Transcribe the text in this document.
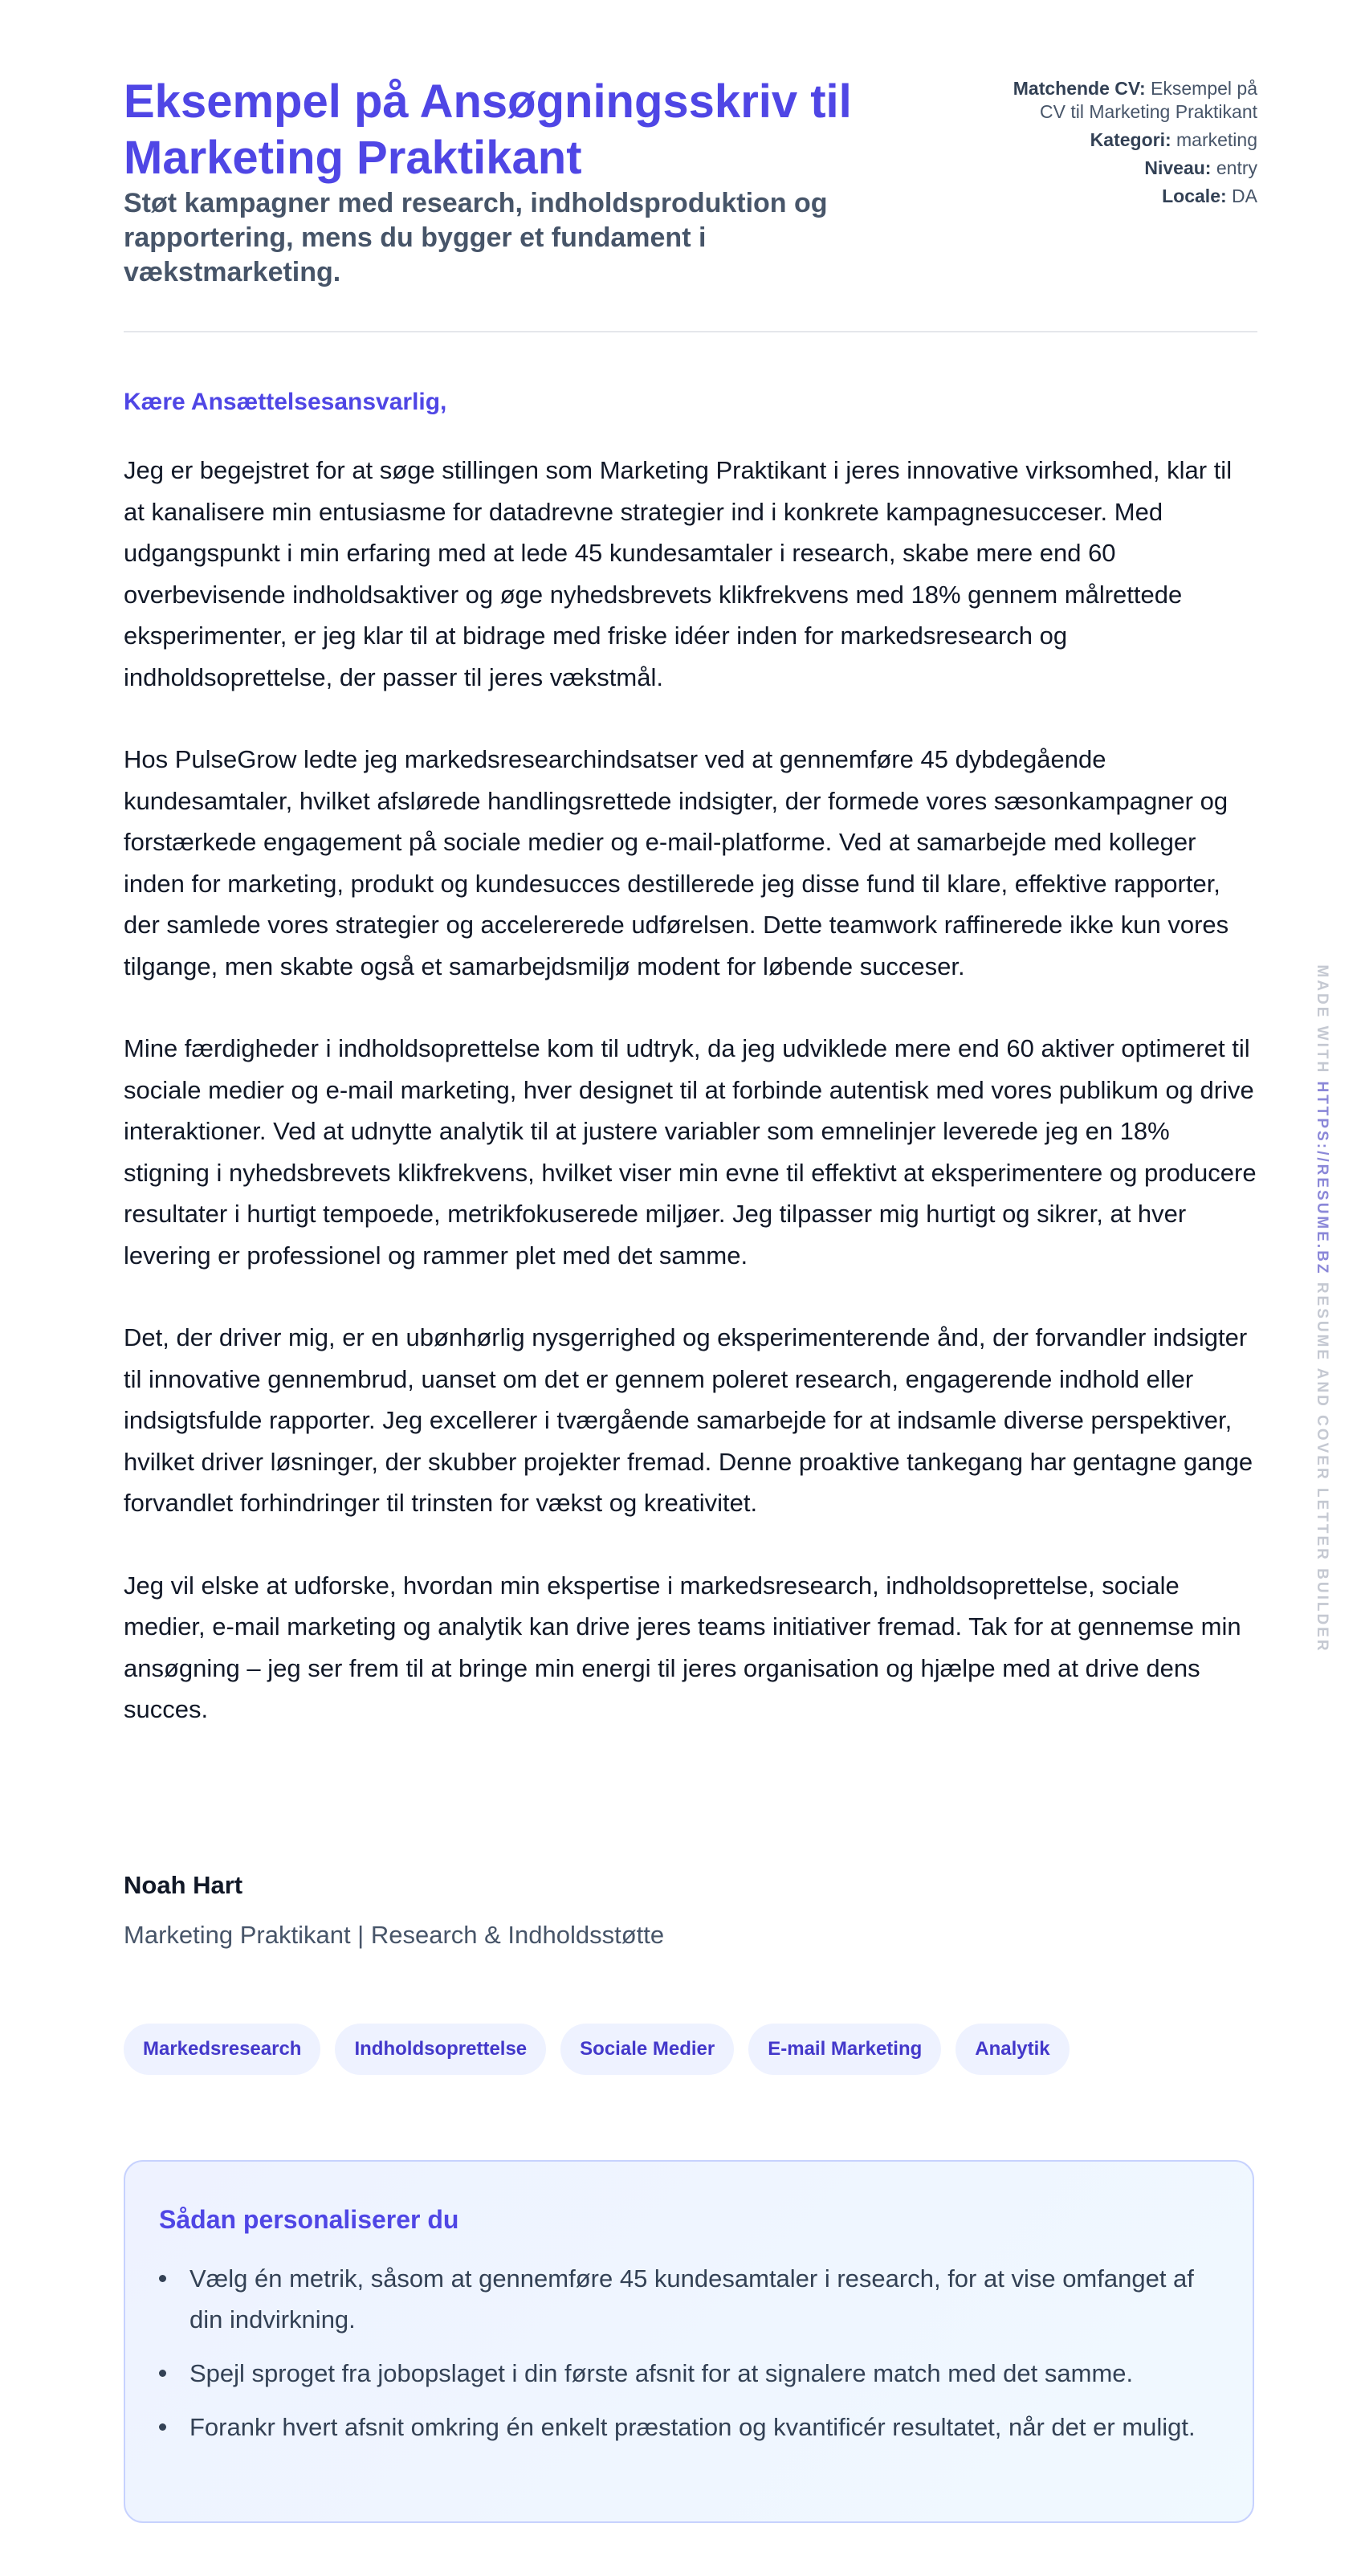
Eksempel på Ansøgningsskriv til Marketing Praktikant
Støt kampagner med research, indholdsproduktion og rapportering, mens du bygger et fundament i vækstmarketing.
Matchende CV: Eksempel på CV til Marketing Praktikant
Kategori: marketing
Niveau: entry
Locale: DA

Kære Ansættelsesansvarlig,

Jeg er begejstret for at søge stillingen som Marketing Praktikant i jeres innovative virksomhed, klar til at kanalisere min entusiasme for datadrevne strategier ind i konkrete kampagnesucceser. Med udgangspunkt i min erfaring med at lede 45 kundesamtaler i research, skabe mere end 60 overbevisende indholdsaktiver og øge nyhedsbrevets klikfrekvens med 18% gennem målrettede eksperimenter, er jeg klar til at bidrage med friske idéer inden for markedsresearch og indholdsoprettelse, der passer til jeres vækstmål.

Hos PulseGrow ledte jeg markedsresearchindsatser ved at gennemføre 45 dybdegående kundesamtaler, hvilket afslørede handlingsrettede indsigter, der formede vores sæsonkampagner og forstærkede engagement på sociale medier og e-mail-platforme. Ved at samarbejde med kolleger inden for marketing, produkt og kundesucces destillerede jeg disse fund til klare, effektive rapporter, der samlede vores strategier og accelererede udførelsen. Dette teamwork raffinerede ikke kun vores tilgange, men skabte også et samarbejdsmiljø modent for løbende succeser.

Mine færdigheder i indholdsoprettelse kom til udtryk, da jeg udviklede mere end 60 aktiver optimeret til sociale medier og e-mail marketing, hver designet til at forbinde autentisk med vores publikum og drive interaktioner. Ved at udnytte analytik til at justere variabler som emnelinjer leverede jeg en 18% stigning i nyhedsbrevets klikfrekvens, hvilket viser min evne til effektivt at eksperimentere og producere resultater i hurtigt tempoede, metrikfokuserede miljøer. Jeg tilpasser mig hurtigt og sikrer, at hver levering er professionel og rammer plet med det samme.

Det, der driver mig, er en ubønhørlig nysgerrighed og eksperimenterende ånd, der forvandler indsigter til innovative gennembrud, uanset om det er gennem poleret research, engagerende indhold eller indsigtsfulde rapporter. Jeg excellerer i tværgående samarbejde for at indsamle diverse perspektiver, hvilket driver løsninger, der skubber projekter fremad. Denne proaktive tankegang har gentagne gange forvandlet forhindringer til trinsten for vækst og kreativitet.

Jeg vil elske at udforske, hvordan min ekspertise i markedsresearch, indholdsoprettelse, sociale medier, e-mail marketing og analytik kan drive jeres teams initiativer fremad. Tak for at gennemse min ansøgning – jeg ser frem til at bringe min energi til jeres organisation og hjælpe med at drive dens succes.

Noah Hart

Marketing Praktikant | Research & Indholdsstøtte

Markedsresearch	Indholdsoprettelse	Sociale Medier	E-mail Marketing	Analytik
Sådan personaliserer du
Vælg én metrik, såsom at gennemføre 45 kundesamtaler i research, for at vise omfanget af din indvirkning.
Spejl sproget fra jobopslaget i din første afsnit for at signalere match med det samme.
Forankr hvert afsnit omkring én enkelt præstation og kvantificér resultatet, når det er muligt.
MADE WITH HTTPS://RESUME.BZ RESUME AND COVER LETTER BUILDER
